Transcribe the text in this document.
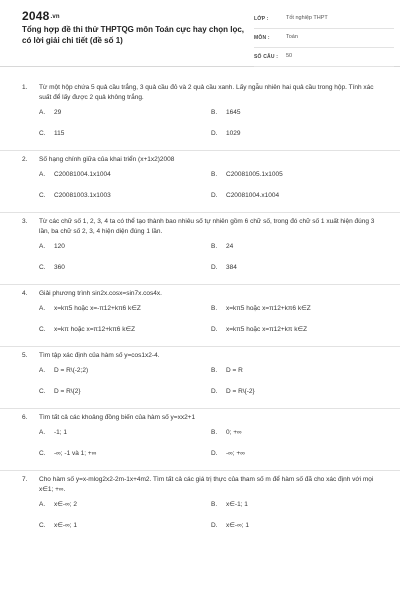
2048.vn
Tổng hợp đề thi thử THPTQG môn Toán cực hay chọn lọc, có lời giải chi tiết (đề số 1)
LỚP :	Tốt nghiệp THPT
MÔN :	Toán
SỐ CÂU : 50
1.	Từ một hộp chứa 5 quả cầu trắng, 3 quả cầu đỏ và 2 quả cầu xanh. Lấy ngẫu nhiên hai quả cầu trong hộp. Tính xác suất để lấy được 2 quả không trắng.
A.	29	B.	1645
C.	115	D.	1029
2.	Số hạng chính giữa của khai triển (x+1x2)2008
A.	C20081004.1x1004	B.	C20081005.1x1005
C.	C20081003.1x1003	D.	C20081004.x1004
3.	Từ các chữ số 1, 2, 3, 4 ta có thể tạo thành bao nhiêu số tự nhiên gồm 6 chữ số, trong đó chữ số 1 xuất hiện đúng 3 lần, ba chữ số 2, 3, 4 hiện diện đúng 1 lần.
A.	120	B.	24
C.	360	D.	384
4.	Giải phương trình sin2x.cosx=sin7x.cos4x.
A.	x=kπ5 hoặc x=-π12+kπ6 k∈Z	B.	x=kπ5 hoặc x=π12+kπ6 k∈Z
C.	x=kπ hoặc x=π12+kπ6 k∈Z	D.	x=kπ5 hoặc x=π12+kπ k∈Z
5.	Tìm tập xác định của hàm số y=cos1x2-4.
A.	D = R\(-2;2)	B.	D = R
C.	D = R\{2}	D.	D = R\{-2}
6.	Tìm tất cả các khoảng đồng biến của hàm số y=xx2+1
A.	-1; 1	B.	0; +∞
C.	-∞; -1 và 1; +∞	D.	-∞; +∞
7.	Cho hàm số y=x-mlog2x2-2m-1x+4m2. Tìm tất cả các giá trị thực của tham số m để hàm số đã cho xác định với mọi x∈1; +∞.
A.	x∈-∞; 2	B.	x∈-1; 1
C.	x∈-∞; 1	D.	x∈-∞; 1
